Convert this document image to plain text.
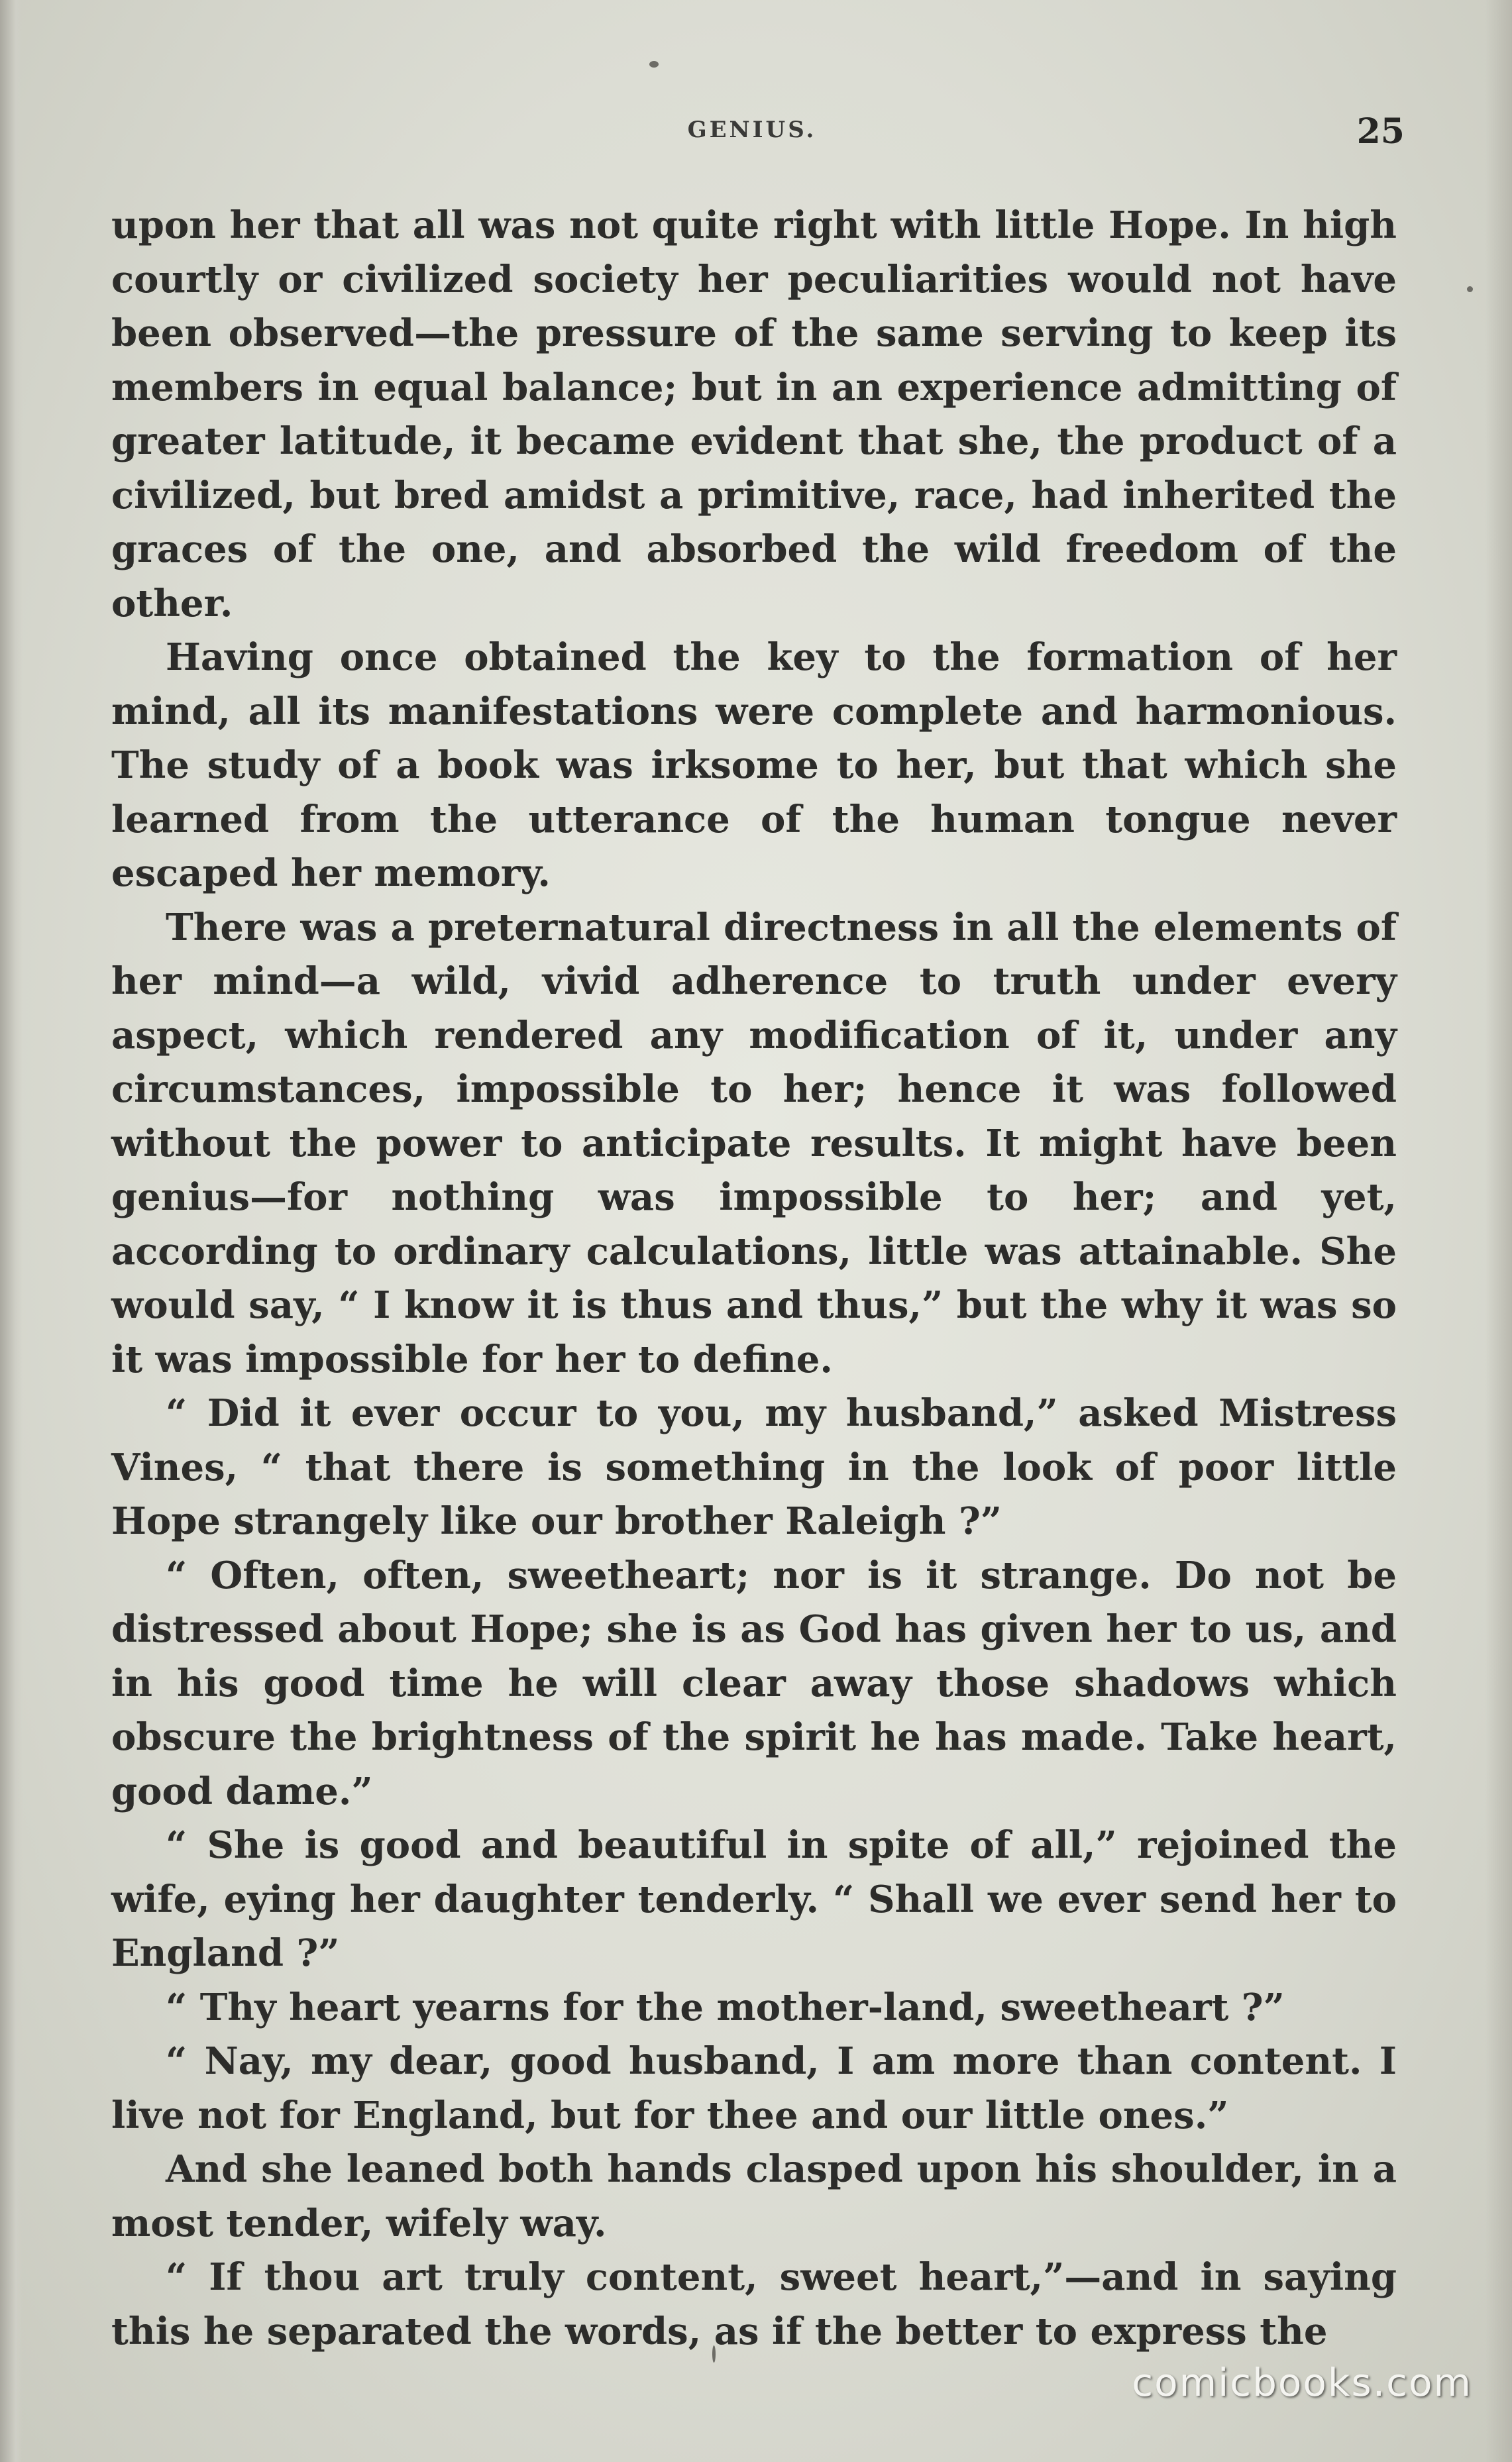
GENIUS.	25

upon her that all was not quite right with little Hope. In high courtly or civilized society her peculiarities would not have been observed—the pressure of the same serving to keep its members in equal balance; but in an experience admitting of greater latitude, it became evident that she, the product of a civilized, but bred amidst a primitive, race, had inherited the graces of the one, and absorbed the wild freedom of the other.

Having once obtained the key to the formation of her mind, all its manifestations were complete and harmonious. The study of a book was irksome to her, but that which she learned from the utterance of the human tongue never escaped her memory.

There was a preternatural directness in all the elements of her mind—a wild, vivid adherence to truth under every aspect, which rendered any modification of it, under any circumstances, impossible to her; hence it was followed without the power to anticipate results. It might have been genius—for nothing was impossible to her; and yet, according to ordinary calculations, little was attainable. She would say, “ I know it is thus and thus,” but the why it was so it was impossible for her to define.

“ Did it ever occur to you, my husband,” asked Mistress Vines, “ that there is something in the look of poor little Hope strangely like our brother Raleigh ?”

“ Often, often, sweetheart; nor is it strange. Do not be distressed about Hope; she is as God has given her to us, and in his good time he will clear away those shadows which obscure the brightness of the spirit he has made. Take heart, good dame.”

“ She is good and beautiful in spite of all,” rejoined the wife, eying her daughter tenderly. “ Shall we ever send her to England ?”

“ Thy heart yearns for the mother-land, sweetheart ?”

“ Nay, my dear, good husband, I am more than content. I live not for England, but for thee and our little ones.”

And she leaned both hands clasped upon his shoulder, in a most tender, wifely way.

“ If thou art truly content, sweet heart,”—and in saying this he separated the words, as if the better to express the

comicbooks.com
